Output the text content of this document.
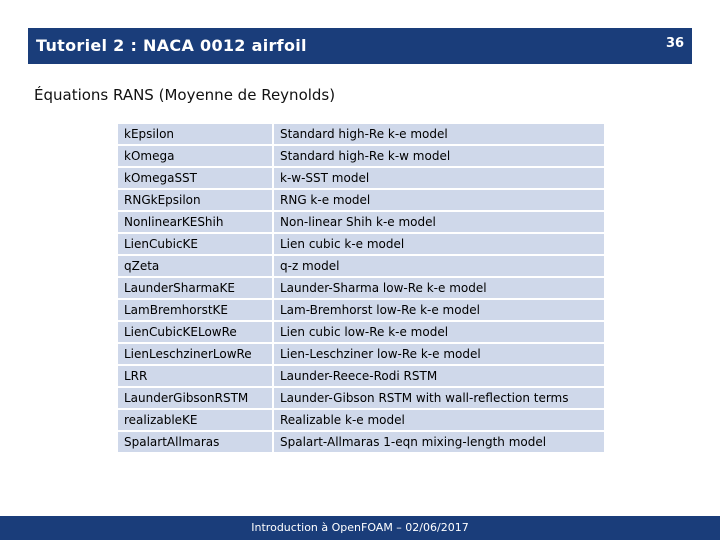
Tutoriel 2 : NACA 0012 airfoil	36
Équations RANS (Moyenne de Reynolds)
kEpsilon	Standard high-Re k-e model
kOmega	Standard high-Re k-w model
kOmegaSST	k-w-SST model
RNGkEpsilon	RNG k-e model
NonlinearKEShih	Non-linear Shih k-e model
LienCubicKE	Lien cubic k-e model
qZeta	q-z model
LaunderSharmaKE	Launder-Sharma low-Re k-e model
LamBremhorstKE	Lam-Bremhorst low-Re k-e model
LienCubicKELowRe	Lien cubic low-Re k-e model
LienLeschzinerLowRe	Lien-Leschziner low-Re k-e model
LRR	Launder-Reece-Rodi RSTM
LaunderGibsonRSTM	Launder-Gibson RSTM with wall-reflection terms
realizableKE	Realizable k-e model
SpalartAllmaras	Spalart-Allmaras 1-eqn mixing-length model
Introduction à OpenFOAM – 02/06/2017
